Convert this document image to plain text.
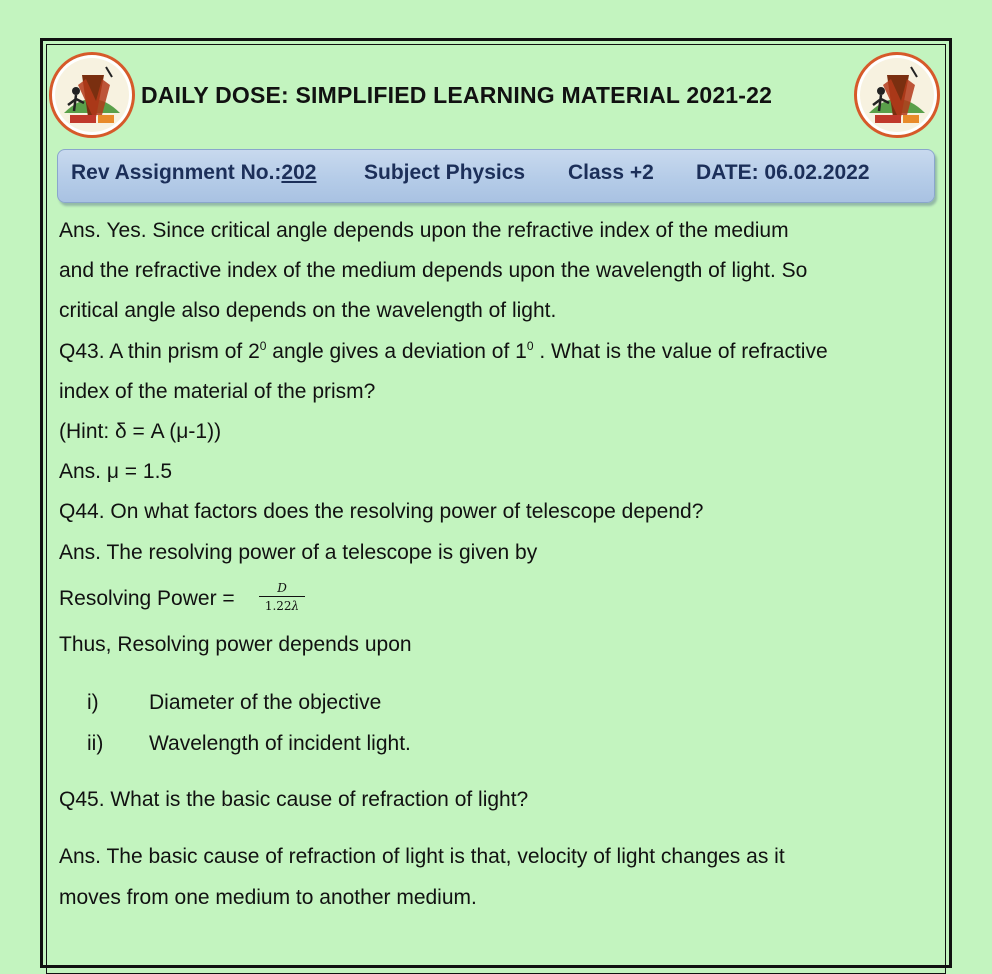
DAILY DOSE: SIMPLIFIED LEARNING MATERIAL 2021-22
Rev Assignment No.:202 Subject Physics Class +2 DATE: 06.02.2022
Ans. Yes. Since critical angle depends upon the refractive index of the medium
and the refractive index of the medium depends upon the wavelength of light. So
critical angle also depends on the wavelength of light.
Q43. A thin prism of $2^0$ angle gives a deviation of $1^0$ . What is the value of refractive
index of the material of the prism?
(Hint: δ = A (μ-1))
Ans. μ = 1.5
Q44. On what factors does the resolving power of telescope depend?
Ans. The resolving power of a telescope is given by
Resolving Power =	D
1.22λ
Thus, Resolving power depends upon
i) Diameter of the objective
ii) Wavelength of incident light.
Q45. What is the basic cause of refraction of light?
Ans. The basic cause of refraction of light is that, velocity of light changes as it
moves from one medium to another medium.
